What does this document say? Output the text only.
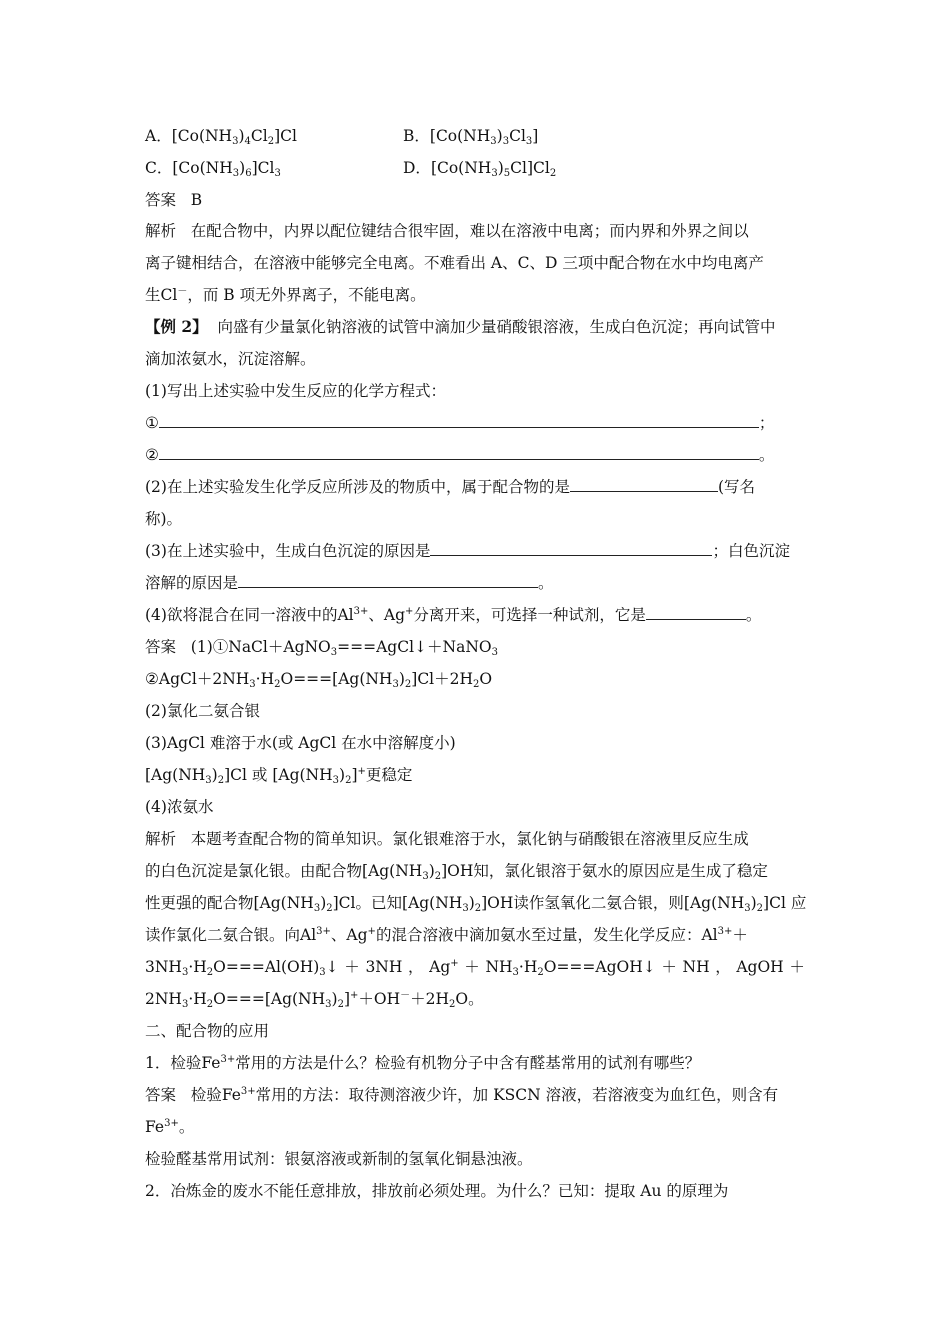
A．$[Co(NH_3)_4Cl_2]Cl$	B．$[Co(NH_3)_3Cl_3]$
C．$[Co(NH_3)_6]Cl_3$	D．$[Co(NH_3)_5Cl]Cl_2$
答案 B
解析 在配合物中，内界以配位键结合很牢固，难以在溶液中电离；而内界和外界之间以
离子键相结合，在溶液中能够完全电离。不难看出 A、C、D 三项中配合物在水中均电离产
生Cl－，而 B 项无外界离子，不能电离。
【例 2】 向盛有少量氯化钠溶液的试管中滴加少量硝酸银溶液，生成白色沉淀；再向试管中
滴加浓氨水，沉淀溶解。
(1)写出上述实验中发生反应的化学方程式：
①	；
②	。
(2)在上述实验发生化学反应所涉及的物质中，属于配合物的是	(写名
称)。
(3)在上述实验中，生成白色沉淀的原因是	；白色沉淀
溶解的原因是	。
(4)欲将混合在同一溶液中的$Al^{3+}$、Ag+分离开来，可选择一种试剂，它是	。
答案   (1)①NaCl＋AgNO$_3$===AgCl↓＋NaNO$_3$
$②AgCl+2NH_3\cdot H_2O===[Ag(NH_3)_2]Cl+2H_2O$
(2)氯化二氨合银
(3)AgCl 难溶于水(或 AgCl 在水中溶解度小)
$[Ag(NH_3)_2]Cl$ 或 $[Ag(NH_3)_2]^+$更稳定
(4)浓氨水
解析 本题考查配合物的简单知识。氯化银难溶于水，氯化钠与硝酸银在溶液里反应生成
的白色沉淀是氯化银。由配合物$[Ag(NH_3)_2]OH$知，氯化银溶于氨水的原因应是生成了稳定
性更强的配合物$[Ag(NH_3)_2]Cl$。已知$[Ag(NH_3)_2]OH$读作氢氧化二氨合银，则$[Ag(NH_3)_2]Cl$ 应
读作氯化二氨合银。向$Al^{3+}$、Ag+的混合溶液中滴加氨水至过量，发生化学反应：$Al^{3+}+$
$3NH_3\cdot H_2O===Al(OH)_3↓ + 3NH$ ， $Ag^+ + NH_3\cdot H_2O===AgOH↓$ ＋ NH ， AgOH ＋
$2NH_3\cdot H_2O===[Ag(NH_3)_2]^++OH^-+2H_2O$。
二、配合物的应用
1．检验$Fe^{3+}$常用的方法是什么？检验有机物分子中含有醛基常用的试剂有哪些？
答案 检验$Fe^{3+}$常用的方法：取待测溶液少许，加 KSCN 溶液，若溶液变为血红色，则含有
$Fe^{3+}$。
检验醛基常用试剂：银氨溶液或新制的氢氧化铜悬浊液。
2．冶炼金的废水不能任意排放，排放前必须处理。为什么？已知：提取 Au 的原理为
